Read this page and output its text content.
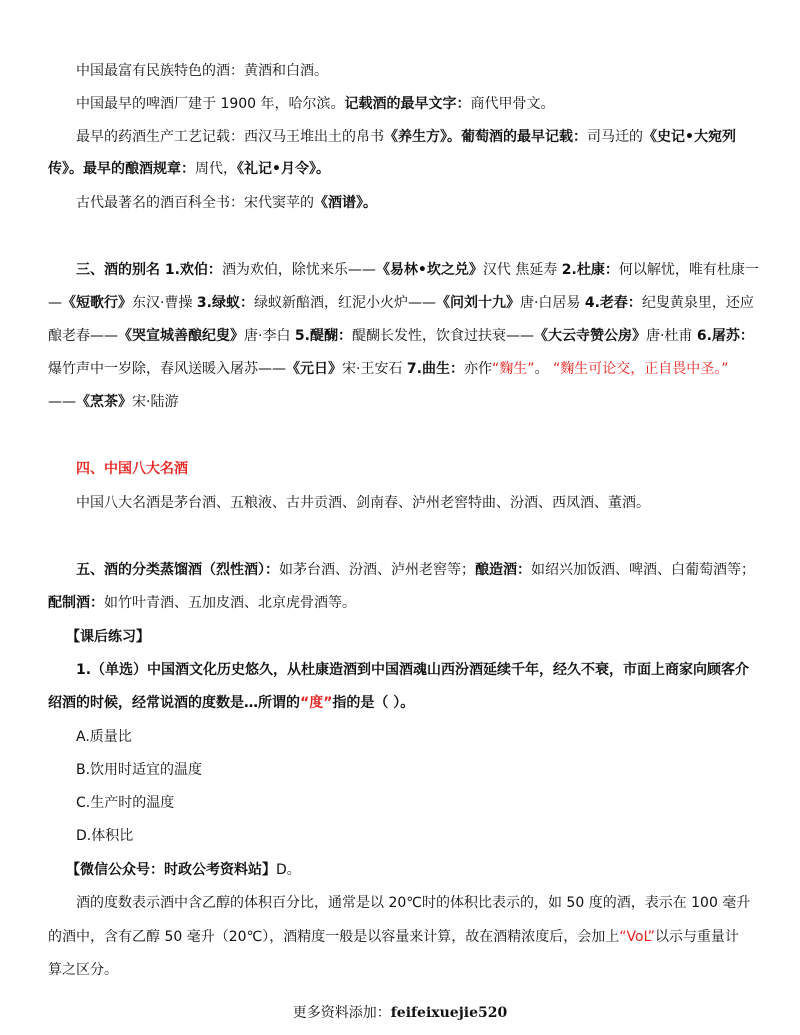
中国最富有民族特色的酒：黄酒和白酒。
中国最早的啤酒厂建于 1900 年，哈尔滨。记载酒的最早文字：商代甲骨文。
最早的药酒生产工艺记载：西汉马王堆出土的帛书《养生方》。葡萄酒的最早记载：司马迁的《史记•大宛列
传》。最早的酿酒规章：周代，《礼记•月令》。
古代最著名的酒百科全书：宋代窦苹的《酒谱》。
三、酒的别名 1.欢伯：酒为欢伯，除忧来乐——《易林•坎之兑》汉代 焦延寿 2.杜康：何以解忧，唯有杜康一
—《短歌行》东汉·曹操 3.绿蚁：绿蚁新醅酒，红泥小火炉——《问刘十九》唐·白居易 4.老春：纪叟黄泉里，还应
酿老春——《哭宣城善酿纪叟》唐·李白 5.醍醐：醍醐长发性，饮食过扶衰——《大云寺赞公房》唐·杜甫 6.屠苏：
爆竹声中一岁除，春风送暖入屠苏——《元日》宋·王安石 7.曲生：亦作“麴生”。 “麴生可论交，正自畏中圣。”
——《烹茶》宋·陆游
四、中国八大名酒
中国八大名酒是茅台酒、五粮液、古井贡酒、剑南春、泸州老窖特曲、汾酒、西凤酒、董酒。
五、酒的分类蒸馏酒（烈性酒）：如茅台酒、汾酒、泸州老窖等；酿造酒：如绍兴加饭酒、啤酒、白葡萄酒等；
配制酒：如竹叶青酒、五加皮酒、北京虎骨酒等。
【课后练习】
1.（单选）中国酒文化历史悠久，从杜康造酒到中国酒魂山西汾酒延续千年，经久不衰，市面上商家向顾客介
绍酒的时候，经常说酒的度数是…所谓的“度”指的是（ ）。
A.质量比
B.饮用时适宜的温度
C.生产时的温度
D.体积比
【微信公众号：时政公考资料站】D。
酒的度数表示酒中含乙醇的体积百分比，通常是以 20℃时的体积比表示的，如 50 度的酒，表示在 100 毫升
的酒中，含有乙醇 50 毫升（20℃），酒精度一般是以容量来计算，故在酒精浓度后，会加上“VoL”以示与重量计
算之区分。
更多资料添加：feifeixuejie520
